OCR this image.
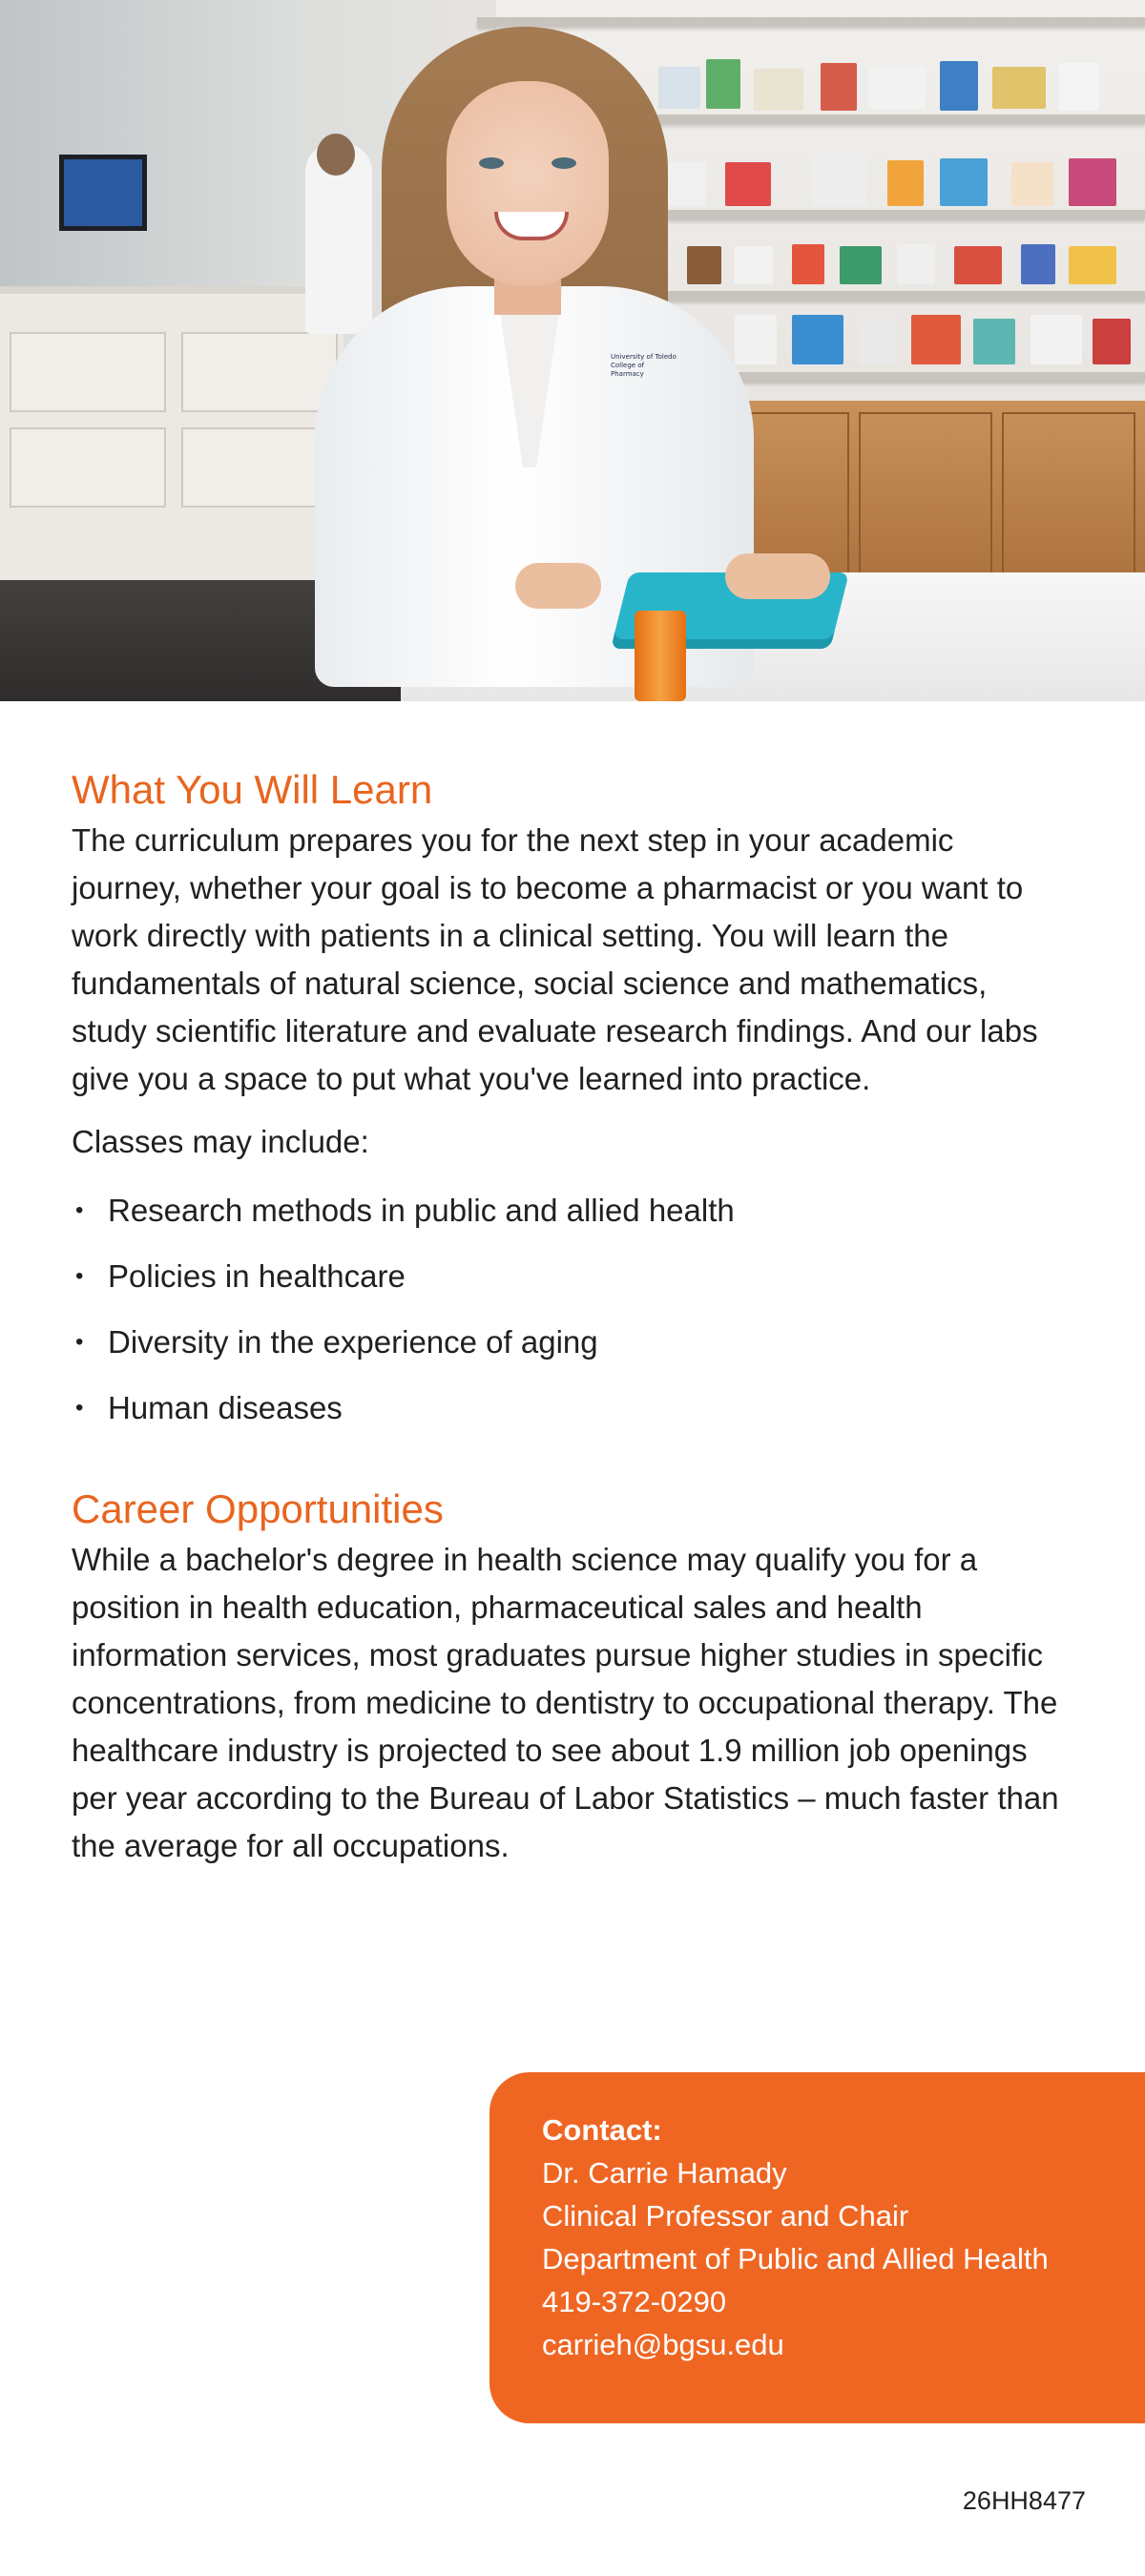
University of Toledo
College of Pharmacy
What You Will Learn

The curriculum prepares you for the next step in your academic journey, whether your goal is to become a pharmacist or you want to work directly with patients in a clinical setting. You will learn the fundamentals of natural science, social science and mathematics, study scientific literature and evaluate research findings. And our labs give you a space to put what you've learned into practice.

Classes may include:

• Research methods in public and allied health
• Policies in healthcare
• Diversity in the experience of aging
• Human diseases
Career Opportunities

While a bachelor's degree in health science may qualify you for a position in health education, pharmaceutical sales and health information services, most graduates pursue higher studies in specific concentrations, from medicine to dentistry to occupational therapy. The healthcare industry is projected to see about 1.9 million job openings per year according to the Bureau of Labor Statistics – much faster than the average for all occupations.

Contact:
Dr. Carrie Hamady
Clinical Professor and Chair
Department of Public and Allied Health
419-372-0290
carrieh@bgsu.edu
26HH8477
